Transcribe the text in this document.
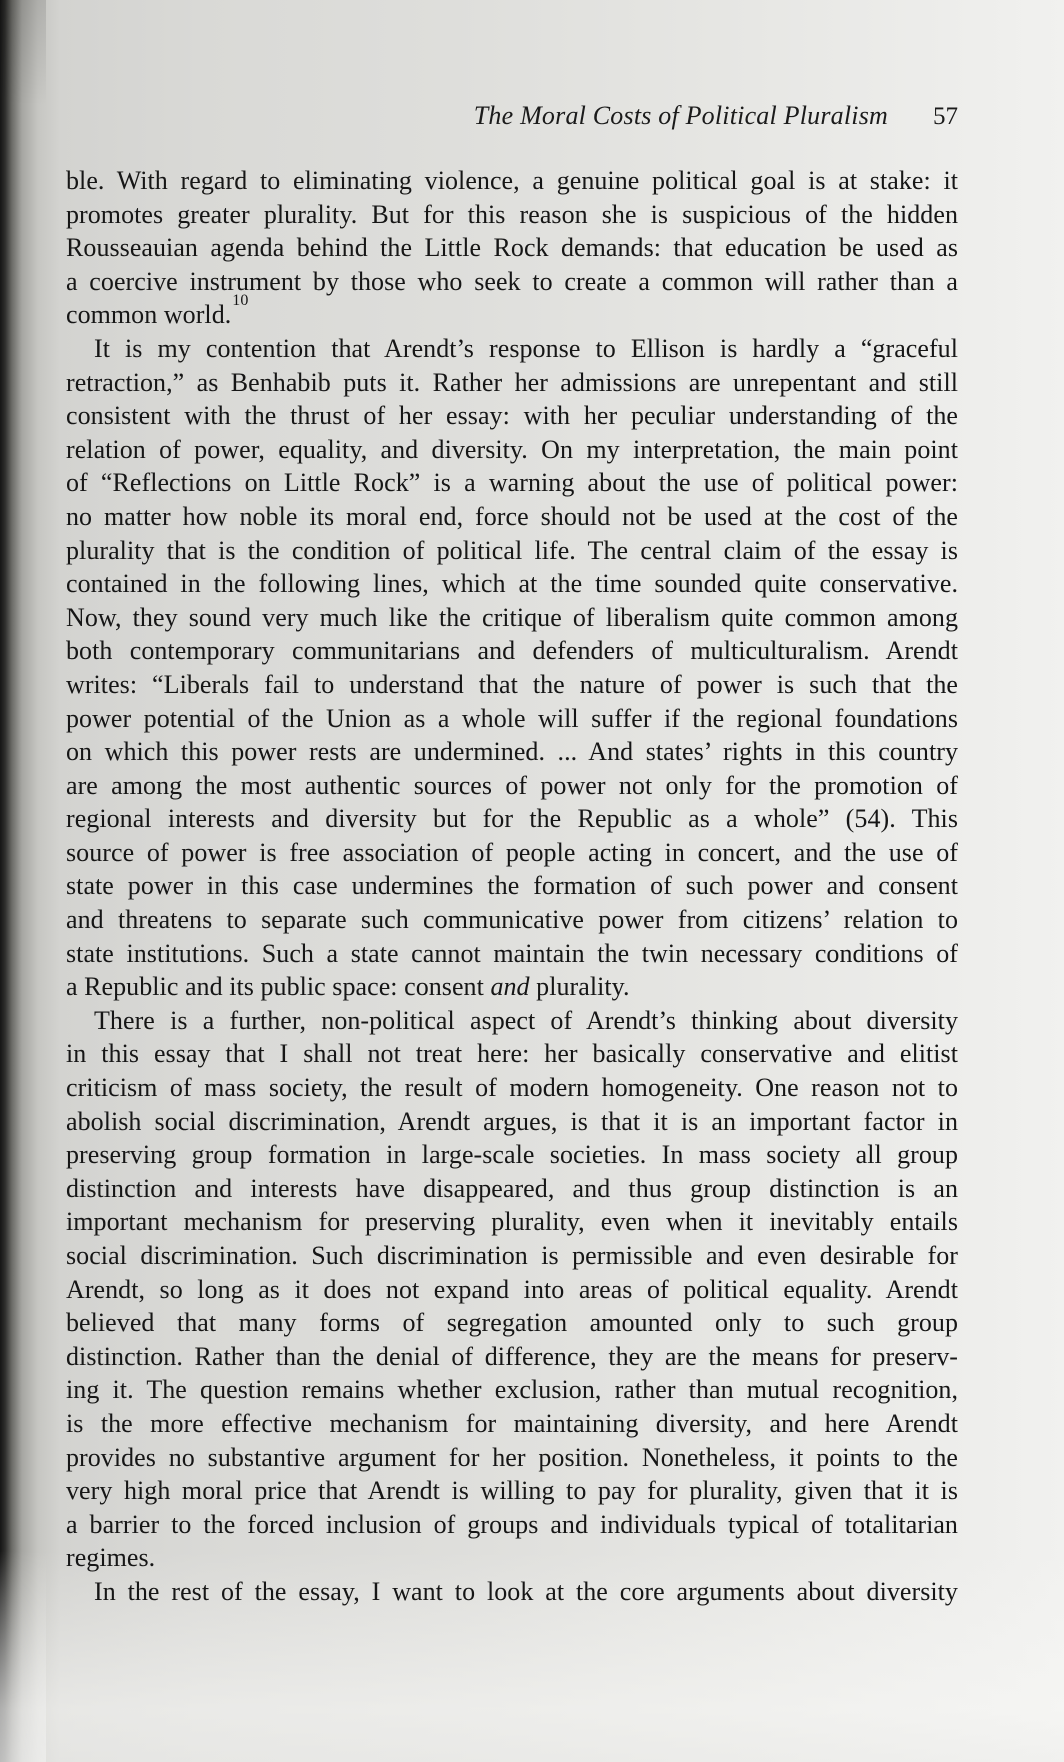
The Moral Costs of Political Pluralism 57
ble. With regard to eliminating violence, a genuine political goal is at stake: it
promotes greater plurality. But for this reason she is suspicious of the hidden
Rousseauian agenda behind the Little Rock demands: that education be used as
a coercive instrument by those who seek to create a common will rather than a
common world.$^{10}$
It is my contention that Arendt’s response to Ellison is hardly a “graceful
retraction,” as Benhabib puts it. Rather her admissions are unrepentant and still
consistent with the thrust of her essay: with her peculiar understanding of the
relation of power, equality, and diversity. On my interpretation, the main point
of “Reflections on Little Rock” is a warning about the use of political power:
no matter how noble its moral end, force should not be used at the cost of the
plurality that is the condition of political life. The central claim of the essay is
contained in the following lines, which at the time sounded quite conservative.
Now, they sound very much like the critique of liberalism quite common among
both contemporary communitarians and defenders of multiculturalism. Arendt
writes: “Liberals fail to understand that the nature of power is such that the
power potential of the Union as a whole will suffer if the regional foundations
on which this power rests are undermined. ... And states’ rights in this country
are among the most authentic sources of power not only for the promotion of
regional interests and diversity but for the Republic as a whole” (54). This
source of power is free association of people acting in concert, and the use of
state power in this case undermines the formation of such power and consent
and threatens to separate such communicative power from citizens’ relation to
state institutions. Such a state cannot maintain the twin necessary conditions of
a Republic and its public space: consent and plurality.
There is a further, non-political aspect of Arendt’s thinking about diversity
in this essay that I shall not treat here: her basically conservative and elitist
criticism of mass society, the result of modern homogeneity. One reason not to
abolish social discrimination, Arendt argues, is that it is an important factor in
preserving group formation in large-scale societies. In mass society all group
distinction and interests have disappeared, and thus group distinction is an
important mechanism for preserving plurality, even when it inevitably entails
social discrimination. Such discrimination is permissible and even desirable for
Arendt, so long as it does not expand into areas of political equality. Arendt
believed that many forms of segregation amounted only to such group
distinction. Rather than the denial of difference, they are the means for preserv-
ing it. The question remains whether exclusion, rather than mutual recognition,
is the more effective mechanism for maintaining diversity, and here Arendt
provides no substantive argument for her position. Nonetheless, it points to the
very high moral price that Arendt is willing to pay for plurality, given that it is
a barrier to the forced inclusion of groups and individuals typical of totalitarian
regimes.
In the rest of the essay, I want to look at the core arguments about diversity
